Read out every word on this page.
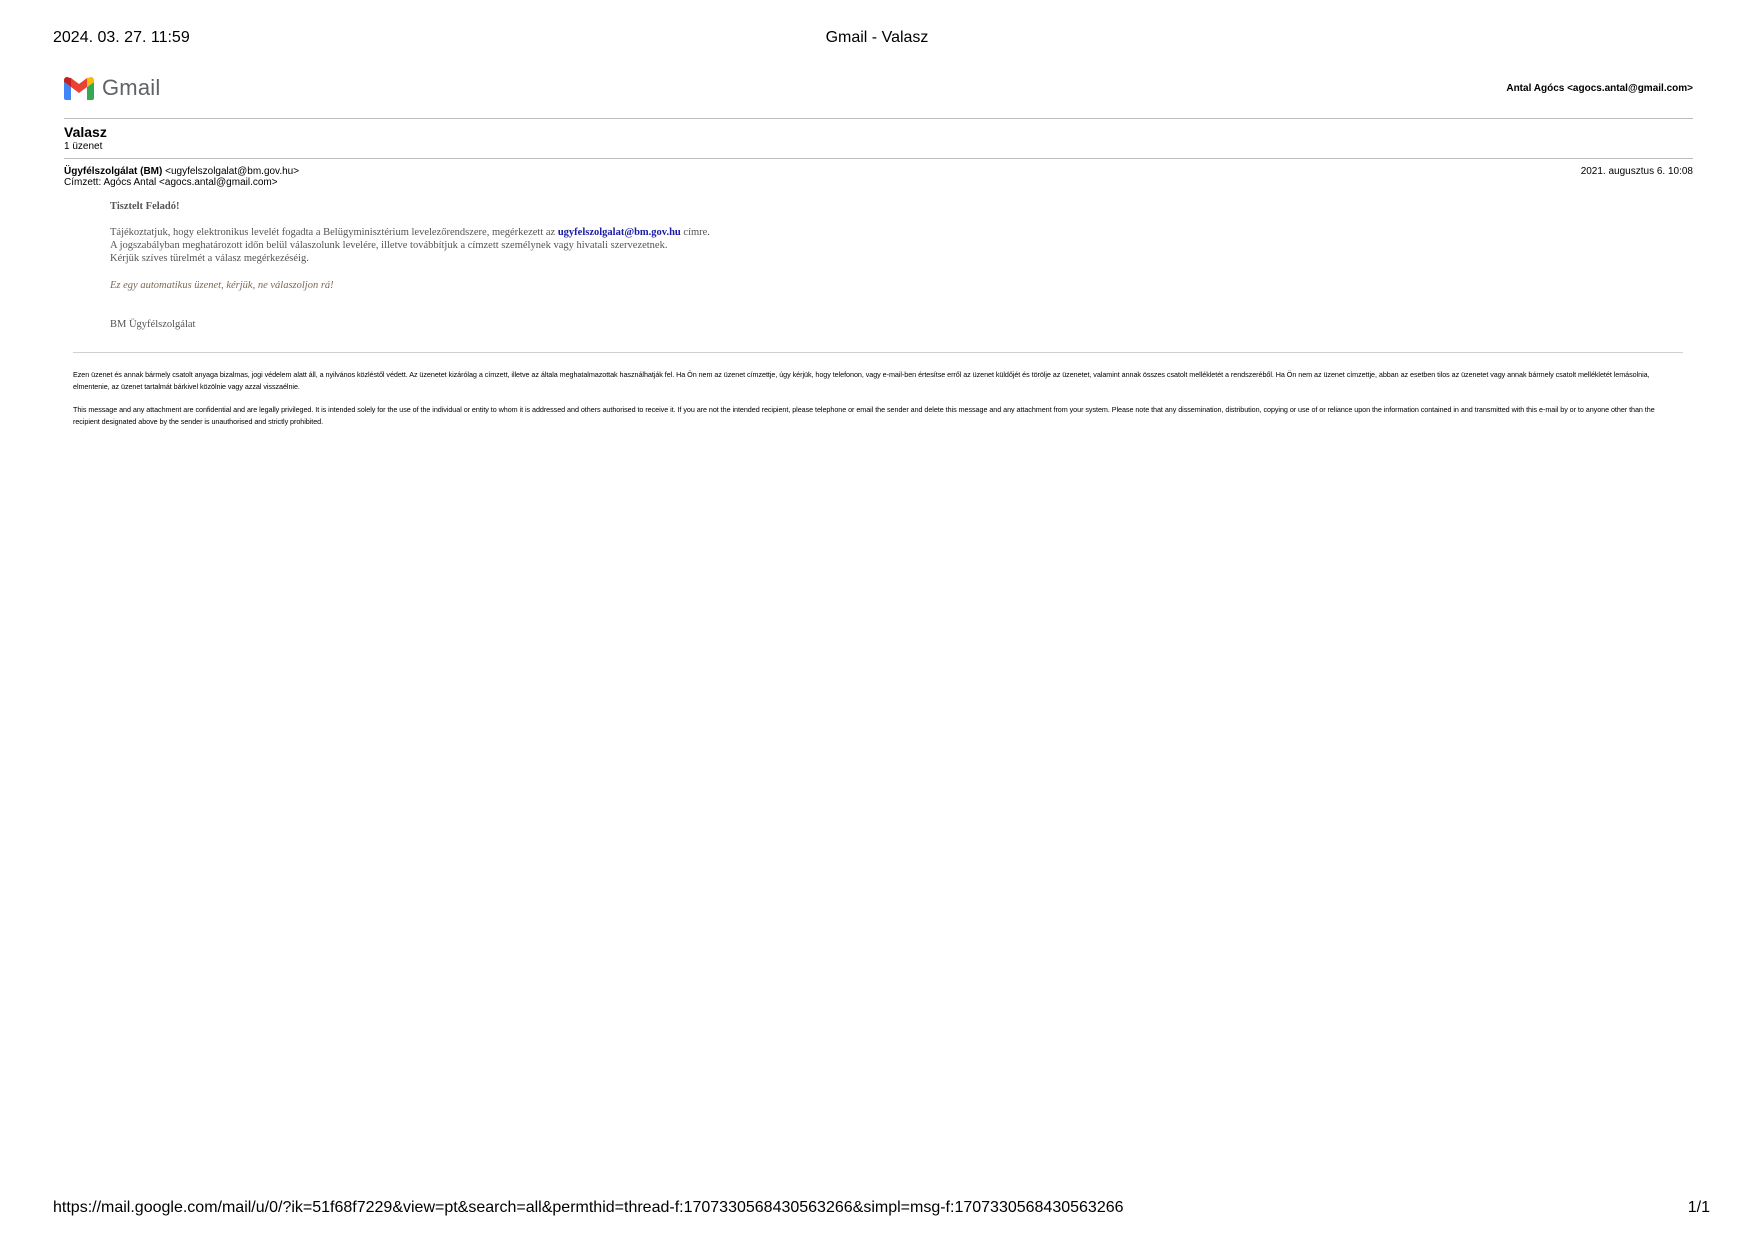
2024. 03. 27. 11:59	Gmail - Valasz
Gmail	Antal Agócs <agocs.antal@gmail.com>
Valasz
1 üzenet
Ügyfélszolgálat (BM) <ugyfelszolgalat@bm.gov.hu>
Címzett: Agócs Antal <agocs.antal@gmail.com>
2021. augusztus 6. 10:08
Tisztelt Feladó!
Tájékoztatjuk, hogy elektronikus levelét fogadta a Belügyminisztérium levelezőrendszere, megérkezett az ugyfelszolgalat@bm.gov.hu címre.
A jogszabályban meghatározott időn belül válaszolunk levelére, illetve továbbítjuk a címzett személynek vagy hivatali szervezetnek.
Kérjük szíves türelmét a válasz megérkezéséig.
Ez egy automatikus üzenet, kérjük, ne válaszoljon rá!
BM Ügyfélszolgálat
Ezen üzenet és annak bármely csatolt anyaga bizalmas, jogi védelem alatt áll, a nyilvános közléstől védett. Az üzenetet kizárólag a címzett, illetve az általa meghatalmazottak használhatják fel. Ha Ön nem az üzenet címzettje, úgy kérjük, hogy telefonon, vagy e-mail-ben értesítse erről az üzenet küldőjét és törölje az üzenetet, valamint annak összes csatolt mellékletét a rendszeréből. Ha Ön nem az üzenet címzettje, abban az esetben tilos az üzenetet vagy annak bármely csatolt mellékletét lemásolnia, elmentenie, az üzenet tartalmát bárkivel közölnie vagy azzal visszaélnie.
This message and any attachment are confidential and are legally privileged. It is intended solely for the use of the individual or entity to whom it is addressed and others authorised to receive it. If you are not the intended recipient, please telephone or email the sender and delete this message and any attachment from your system. Please note that any dissemination, distribution, copying or use of or reliance upon the information contained in and transmitted with this e-mail by or to anyone other than the recipient designated above by the sender is unauthorised and strictly prohibited.
https://mail.google.com/mail/u/0/?ik=51f68f7229&view=pt&search=all&permthid=thread-f:1707330568430563266&simpl=msg-f:1707330568430563266	1/1
